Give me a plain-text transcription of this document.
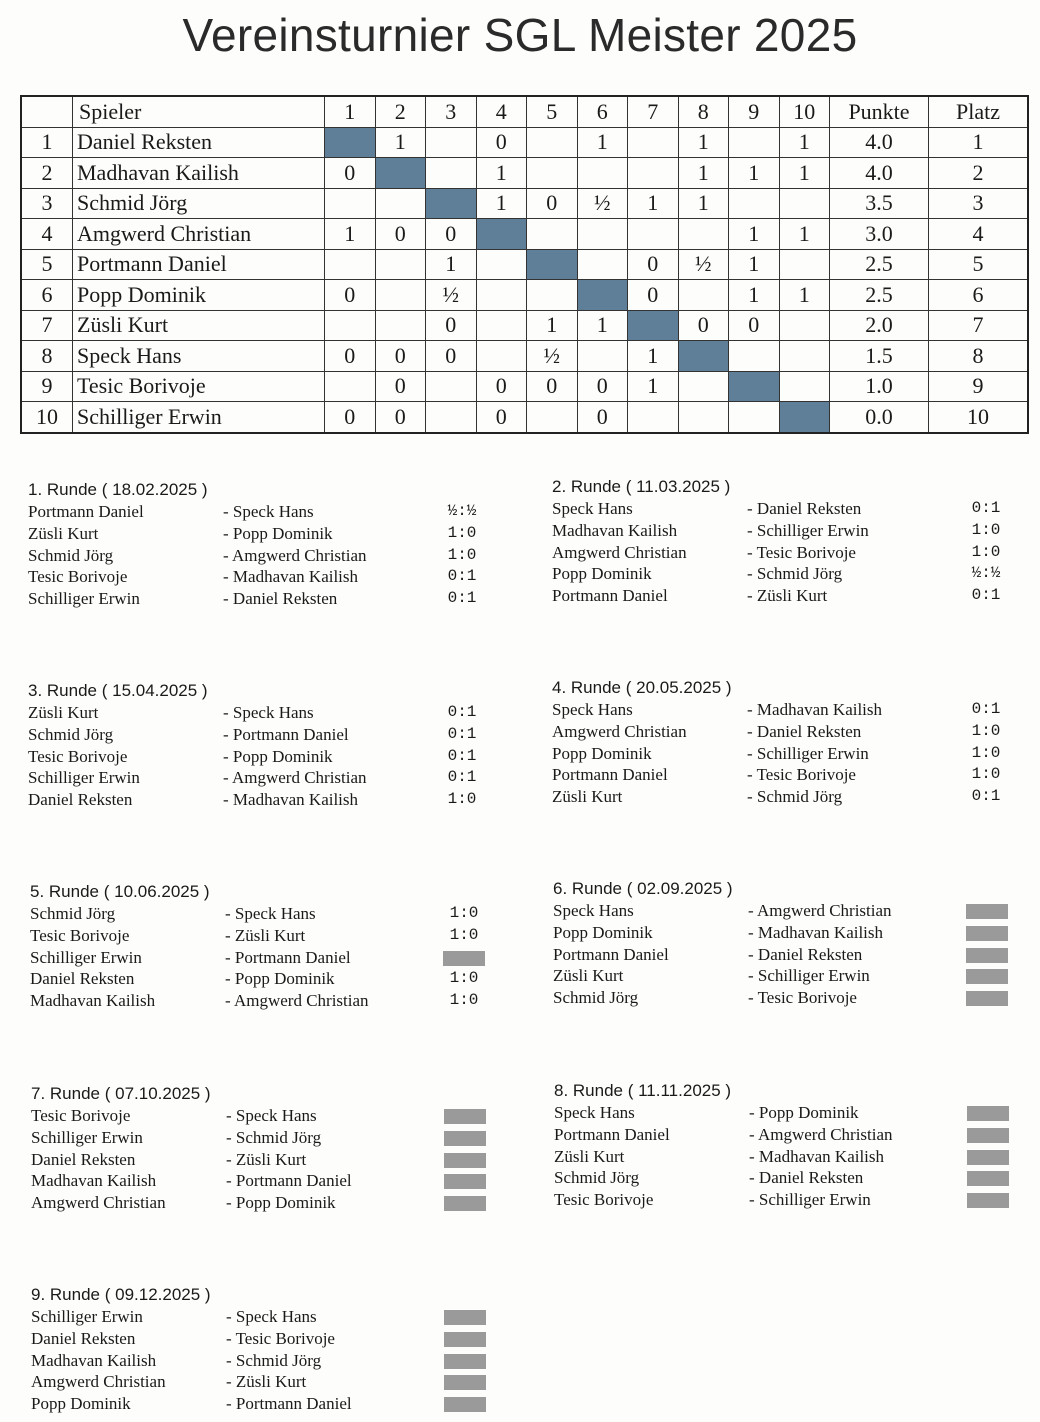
Vereinsturnier SGL Meister 2025
	Spieler	1	2	3	4	5	6	7	8	9	10	Punkte	Platz
1	Daniel Reksten		1		0		1		1		1	4.0	1
2	Madhavan Kailish	0			1				1	1	1	4.0	2
3	Schmid Jörg				1	0	½	1	1			3.5	3
4	Amgwerd Christian	1	0	0						1	1	3.0	4
5	Portmann Daniel			1				0	½	1		2.5	5
6	Popp Dominik	0		½				0		1	1	2.5	6
7	Züsli Kurt			0		1	1		0	0		2.0	7
8	Speck Hans	0	0	0		½		1				1.5	8
9	Tesic Borivoje		0		0	0	0	1				1.0	9
10	Schilliger Erwin	0	0		0		0					0.0	10
1. Runde ( 18.02.2025 )
Portmann Daniel	- Speck Hans	½:½
Züsli Kurt	- Popp Dominik	1:0
Schmid Jörg	- Amgwerd Christian	1:0
Tesic Borivoje	- Madhavan Kailish	0:1
Schilliger Erwin	- Daniel Reksten	0:1
2. Runde ( 11.03.2025 )
Speck Hans	- Daniel Reksten	0:1
Madhavan Kailish	- Schilliger Erwin	1:0
Amgwerd Christian	- Tesic Borivoje	1:0
Popp Dominik	- Schmid Jörg	½:½
Portmann Daniel	- Züsli Kurt	0:1
3. Runde ( 15.04.2025 )
Züsli Kurt	- Speck Hans	0:1
Schmid Jörg	- Portmann Daniel	0:1
Tesic Borivoje	- Popp Dominik	0:1
Schilliger Erwin	- Amgwerd Christian	0:1
Daniel Reksten	- Madhavan Kailish	1:0
4. Runde ( 20.05.2025 )
Speck Hans	- Madhavan Kailish	0:1
Amgwerd Christian	- Daniel Reksten	1:0
Popp Dominik	- Schilliger Erwin	1:0
Portmann Daniel	- Tesic Borivoje	1:0
Züsli Kurt	- Schmid Jörg	0:1
5. Runde ( 10.06.2025 )
Schmid Jörg	- Speck Hans	1:0
Tesic Borivoje	- Züsli Kurt	1:0
Schilliger Erwin	- Portmann Daniel
Daniel Reksten	- Popp Dominik	1:0
Madhavan Kailish	- Amgwerd Christian	1:0
6. Runde ( 02.09.2025 )
Speck Hans	- Amgwerd Christian
Popp Dominik	- Madhavan Kailish
Portmann Daniel	- Daniel Reksten
Züsli Kurt	- Schilliger Erwin
Schmid Jörg	- Tesic Borivoje
7. Runde ( 07.10.2025 )
Tesic Borivoje	- Speck Hans
Schilliger Erwin	- Schmid Jörg
Daniel Reksten	- Züsli Kurt
Madhavan Kailish	- Portmann Daniel
Amgwerd Christian	- Popp Dominik
8. Runde ( 11.11.2025 )
Speck Hans	- Popp Dominik
Portmann Daniel	- Amgwerd Christian
Züsli Kurt	- Madhavan Kailish
Schmid Jörg	- Daniel Reksten
Tesic Borivoje	- Schilliger Erwin
9. Runde ( 09.12.2025 )
Schilliger Erwin	- Speck Hans
Daniel Reksten	- Tesic Borivoje
Madhavan Kailish	- Schmid Jörg
Amgwerd Christian	- Züsli Kurt
Popp Dominik	- Portmann Daniel
